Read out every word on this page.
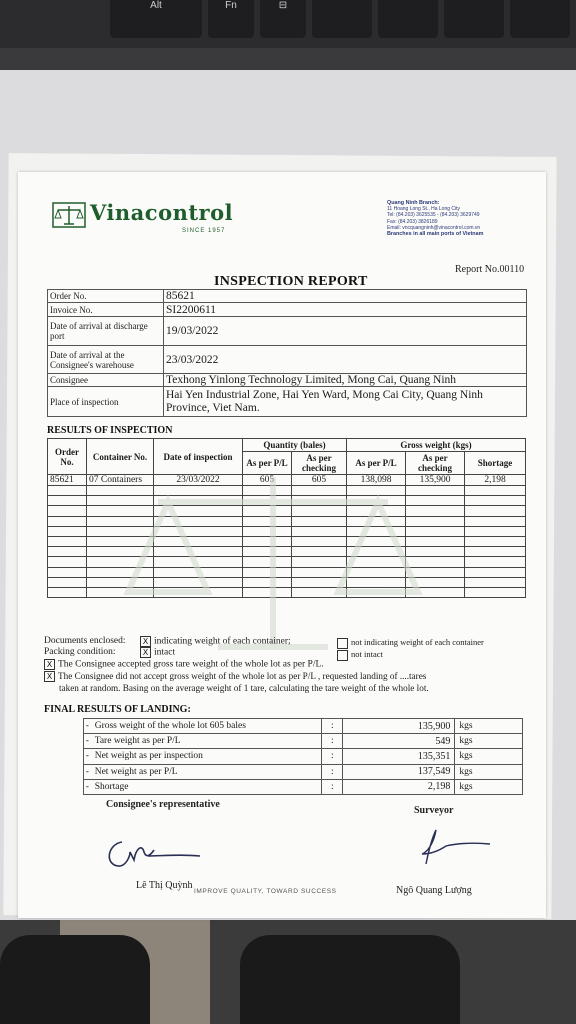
Alt	Fn	⊟
Vinacontrol
SINCE 1957
Quang Ninh Branch:
11 Hoang Long St., Ha Long City
Tel: (84.203) 3625535 - (84.203) 3629749
Fax: (84.203) 3826189
Email: vncquangninh@vinacontrol.com.vn
Branches in all main ports of Vietnam
Report No.00110
INSPECTION REPORT
Order No.	85621
Invoice No.	SI2200611
Date of arrival at discharge port	19/03/2022
Date of arrival at the Consignee's warehouse	23/03/2022
Consignee	Texhong Yinlong Technology Limited, Mong Cai, Quang Ninh
Place of inspection	Hai Yen Industrial Zone, Hai Yen Ward, Mong Cai City, Quang Ninh Province, Viet Nam.
RESULTS OF INSPECTION
Order No.	Container No.	Date of inspection	Quantity (bales)		Gross weight (kgs)		
			As per P/L	As per checking	As per P/L	As per checking	Shortage
85621	07 Containers	23/03/2022	605	605	138,098	135,900	2,198

Documents enclosed:	X indicating weight of each container;	not indicating weight of each container
Packing condition:	X intact	not intact
X The Consignee accepted gross tare weight of the whole lot as per P/L.
X The Consignee did not accept gross weight of the whole lot as per P/L , requested landing of ....tares
taken at random. Basing on the average weight of 1 tare, calculating the tare weight of the whole lot.
FINAL RESULTS OF LANDING:
-	Gross weight of the whole lot 605 bales	:	135,900	kgs
-	Tare weight as per P/L	:	549	kgs
-	Net weight as per inspection	:	135,351	kgs
-	Net weight as per P/L	:	137,549	kgs
-	Shortage	:	2,198	kgs
Consignee's representative
Surveyor
Lê Thị Quỳnh	Ngô Quang Lượng
IMPROVE QUALITY, TOWARD SUCCESS
